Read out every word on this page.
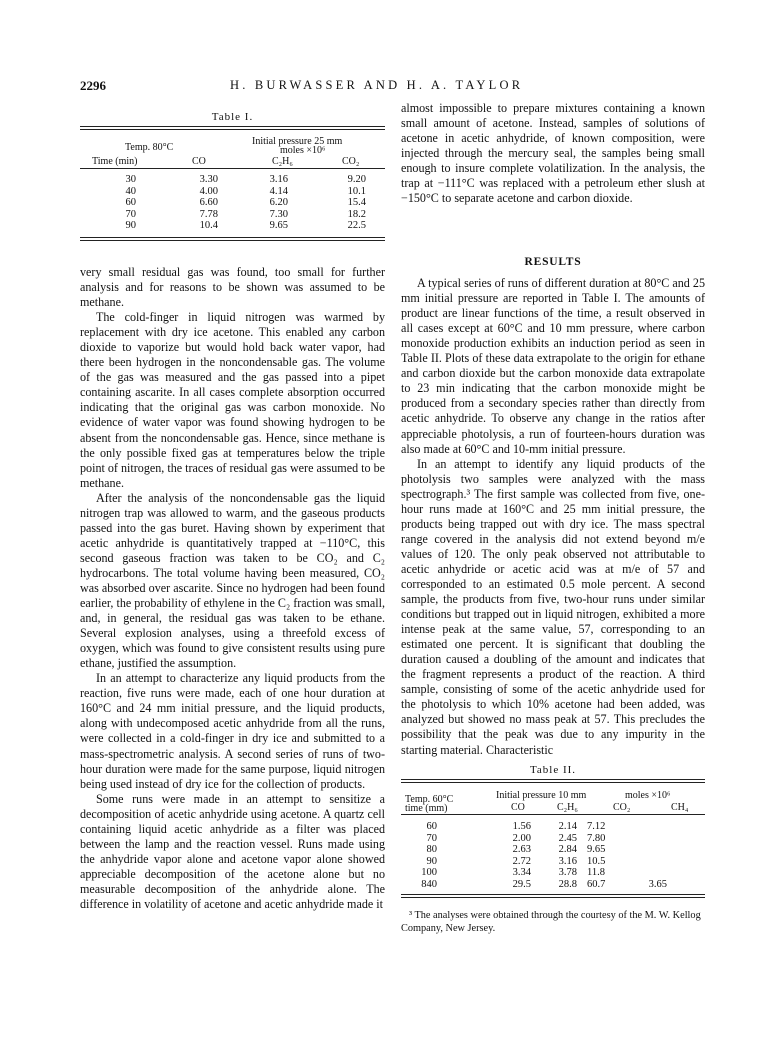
2296	H. BURWASSER AND H. A. TAYLOR
Table I.
Temp. 80°C
Initial pressure 25 mm
moles ×10⁶
Time (min)	CO	C₂H₆	CO₂
30	3.30	3.16	9.20	
40	4.00	4.14	10.1	
60	6.60	6.20	15.4	
70	7.78	7.30	18.2	
90	10.4	9.65	22.5	

very small residual gas was found, too small for further analysis and for reasons to be shown was assumed to be methane.

The cold-finger in liquid nitrogen was warmed by replacement with dry ice acetone. This enabled any carbon dioxide to vaporize but would hold back water vapor, had there been hydrogen in the noncondensable gas. The volume of the gas was measured and the gas passed into a pipet containing ascarite. In all cases complete absorption occurred indicating that the original gas was carbon monoxide. No evidence of water vapor was found showing hydrogen to be absent from the noncondensable gas. Hence, since methane is the only possible fixed gas at temperatures below the triple point of nitrogen, the traces of residual gas were assumed to be methane.

After the analysis of the noncondensable gas the liquid nitrogen trap was allowed to warm, and the gaseous products passed into the gas buret. Having shown by experiment that acetic anhydride is quantitatively trapped at −110°C, this second gaseous fraction was taken to be CO₂ and C₂ hydrocarbons. The total volume having been measured, CO₂ was absorbed over ascarite. Since no hydrogen had been found earlier, the probability of ethylene in the C₂ fraction was small, and, in general, the residual gas was taken to be ethane. Several explosion analyses, using a threefold excess of oxygen, which was found to give consistent results using pure ethane, justified the assumption.

In an attempt to characterize any liquid products from the reaction, five runs were made, each of one hour duration at 160°C and 24 mm initial pressure, and the liquid products, along with undecomposed acetic anhydride from all the runs, were collected in a cold-finger in dry ice and submitted to a mass-spectrometric analysis. A second series of runs of two-hour duration were made for the same purpose, liquid nitrogen being used instead of dry ice for the collection of products.

Some runs were made in an attempt to sensitize a decomposition of acetic anhydride using acetone. A quartz cell containing liquid acetic anhydride as a filter was placed between the lamp and the reaction vessel. Runs made using the anhydride vapor alone and acetone vapor alone showed appreciable decomposition of the acetone alone but no measurable decomposition of the anhydride alone. The difference in volatility of acetone and acetic anhydride made it

almost impossible to prepare mixtures containing a known small amount of acetone. Instead, samples of solutions of acetone in acetic anhydride, of known composition, were injected through the mercury seal, the samples being small enough to insure complete volatilization. In the analysis, the trap at −111°C was replaced with a petroleum ether slush at −150°C to separate acetone and carbon dioxide.

RESULTS

A typical series of runs of different duration at 80°C and 25 mm initial pressure are reported in Table I. The amounts of product are linear functions of the time, a result observed in all cases except at 60°C and 10 mm pressure, where carbon monoxide production exhibits an induction period as seen in Table II. Plots of these data extrapolate to the origin for ethane and carbon dioxide but the carbon monoxide data extrapolate to 23 min indicating that the carbon monoxide might be produced from a secondary species rather than directly from acetic anhydride. To observe any change in the ratios after appreciable photolysis, a run of fourteen-hours duration was also made at 60°C and 10-mm initial pressure.

In an attempt to identify any liquid products of the photolysis two samples were analyzed with the mass spectrograph.³ The first sample was collected from five, one-hour runs made at 160°C and 25 mm initial pressure, the products being trapped out with dry ice. The mass spectral range covered in the analysis did not extend beyond m/e values of 120. The only peak observed not attributable to acetic anhydride or acetic acid was at m/e of 57 and corresponded to an estimated 0.5 mole percent. A second sample, the products from five, two-hour runs under similar conditions but trapped out in liquid nitrogen, exhibited a more intense peak at the same value, 57, corresponding to an estimated one percent. It is significant that doubling the duration caused a doubling of the amount and indicates that the fragment represents a product of the reaction. A third sample, consisting of some of the acetic anhydride used for the photolysis to which 10% acetone had been added, was analyzed but showed no mass peak at 57. This precludes the possibility that the peak was due to any impurity in the starting material. Characteristic

Table II.
Temp. 60°C
time (mm)
Initial pressure 10 mm	moles ×10⁶
CO	C₂H₆	CO₂	CH₄
60	1.56	2.14	7.12		
70	2.00	2.45	7.80		
80	2.63	2.84	9.65		
90	2.72	3.16	10.5		
100	3.34	3.78	11.8		
840	29.5	28.8	60.7	3.65	
³ The analyses were obtained through the courtesy of the M. W. Kellog Company, New Jersey.
